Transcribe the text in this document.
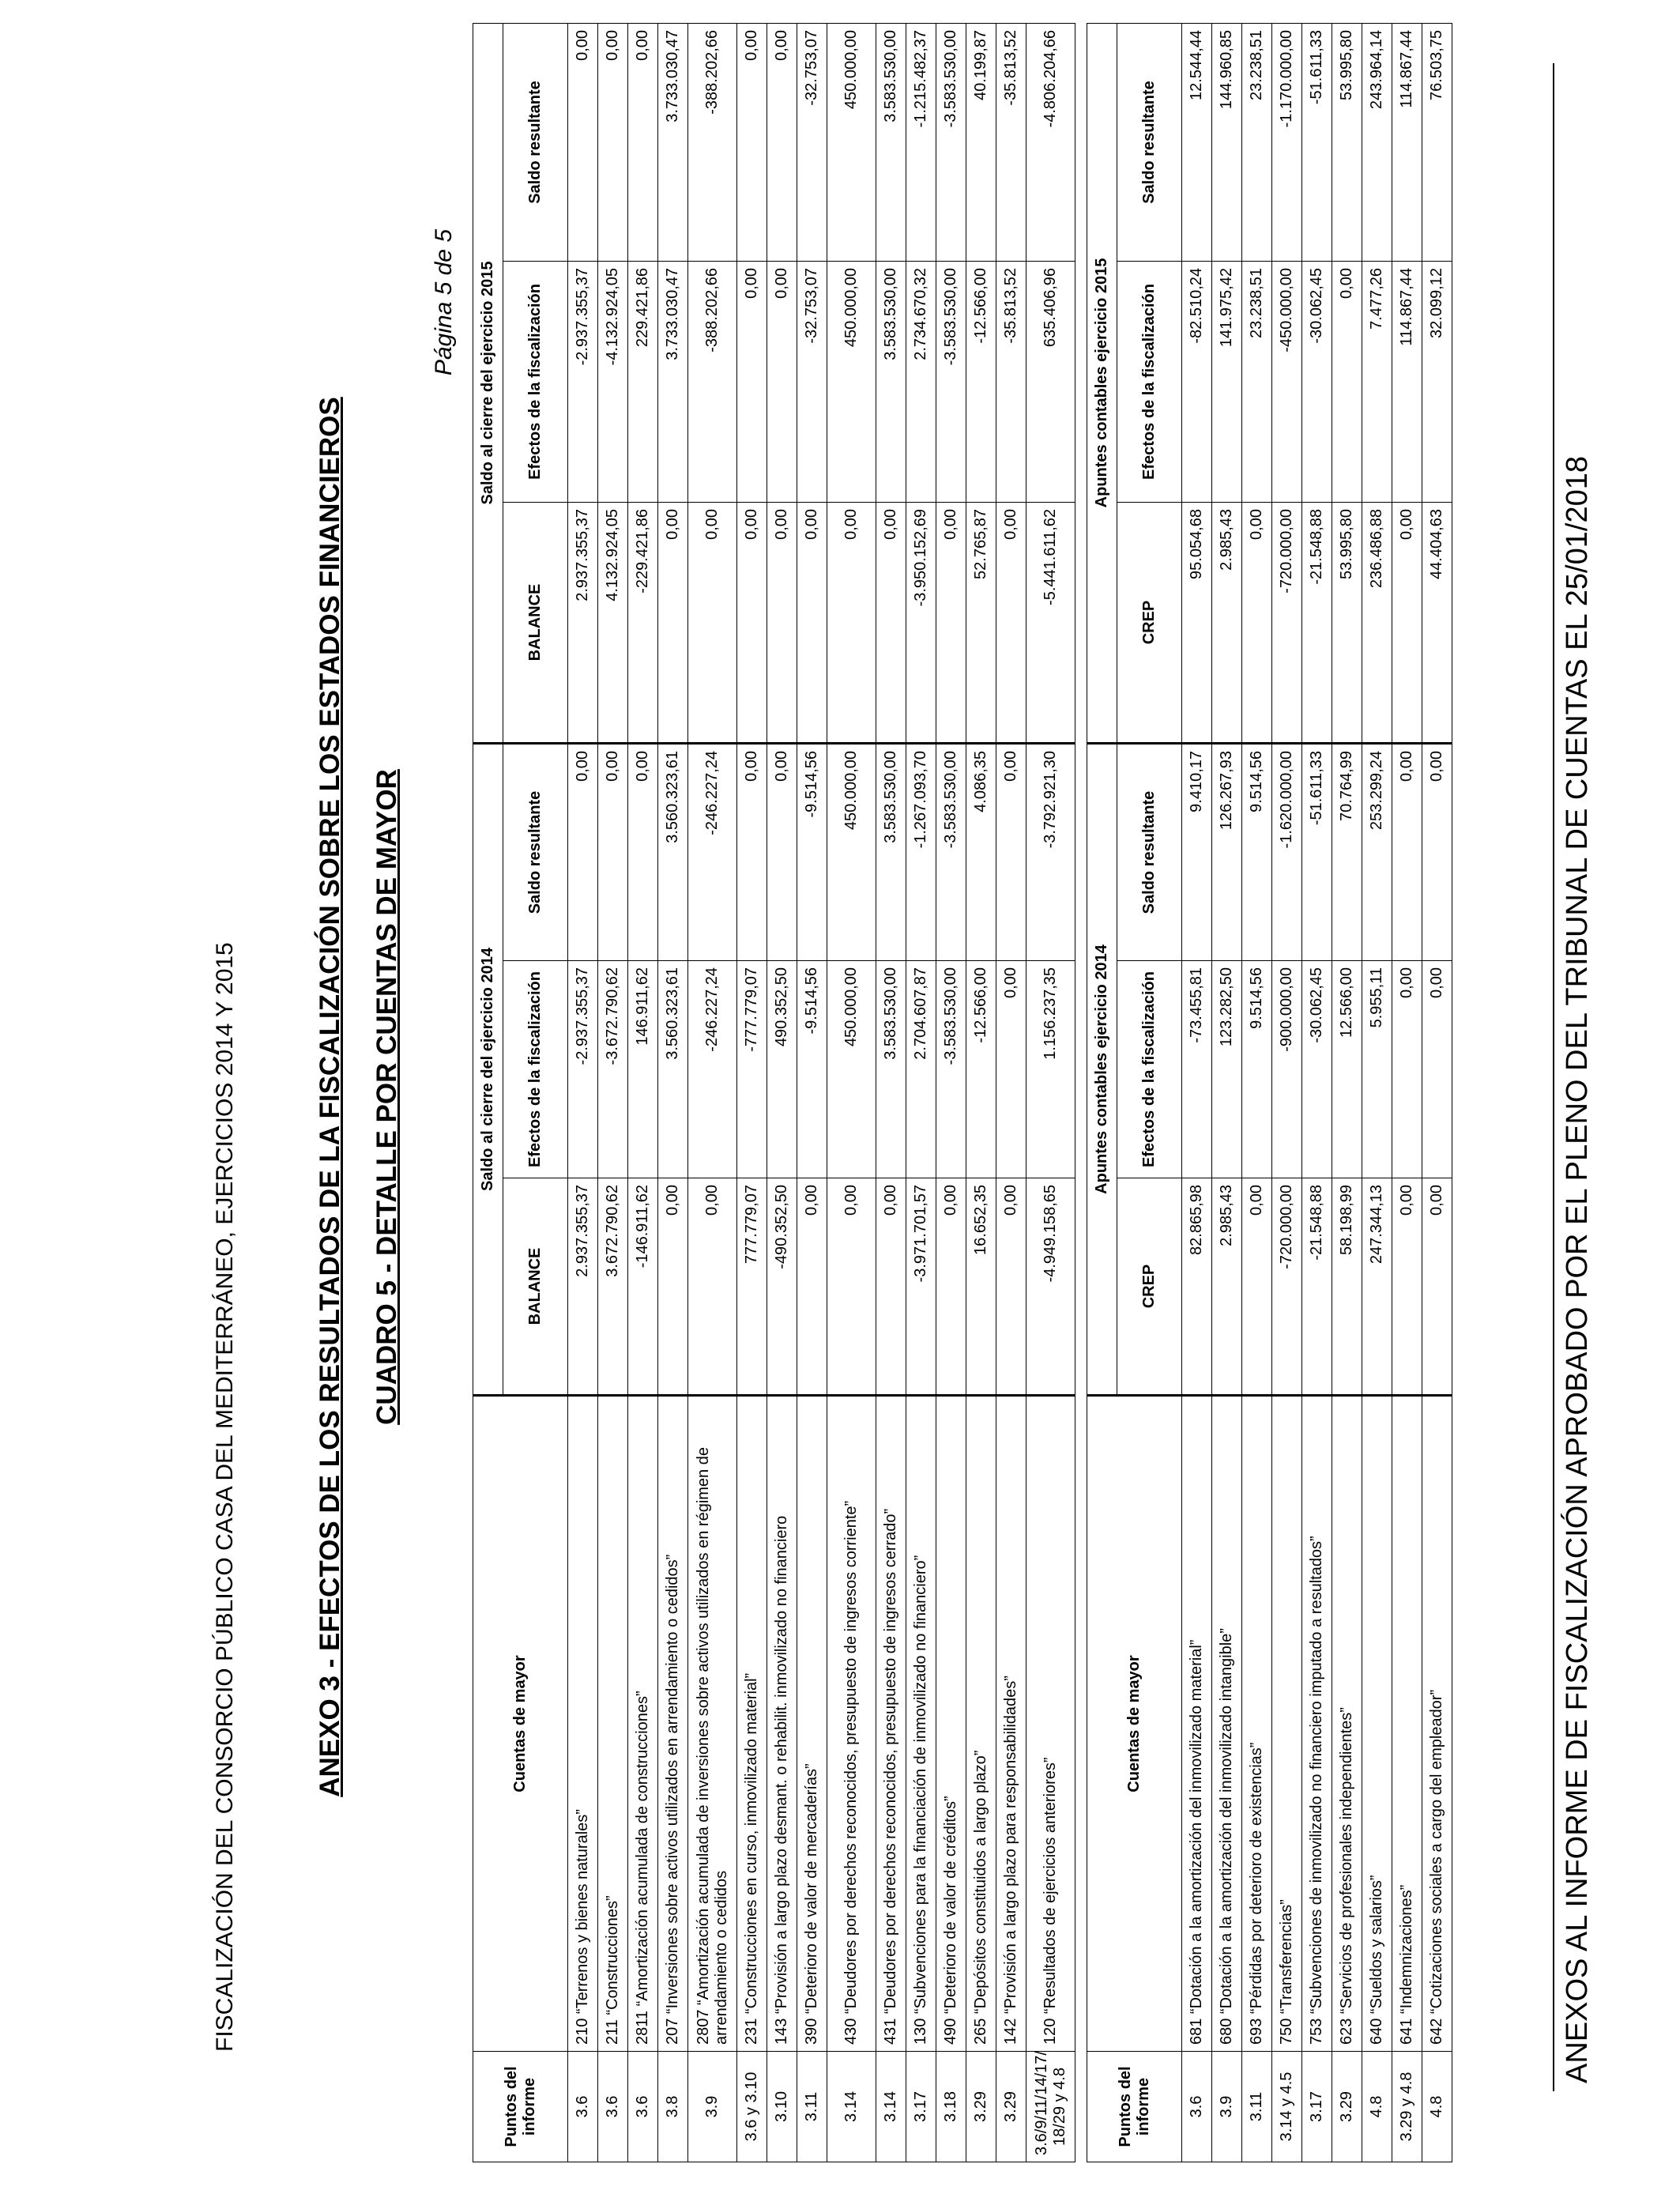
FISCALIZACIÓN DEL CONSORCIO PÚBLICO CASA DEL MEDITERRÁNEO, EJERCICIOS 2014 Y 2015	ANEXO 3 - EFECTOS DE LOS RESULTADOS DE LA FISCALIZACIÓN SOBRE LOS ESTADOS FINANCIEROS CUADRO 5 - DETALLE POR CUENTAS DE MAYOR
Página 5 de 5
Puntos del informe	Cuentas de mayor	Saldo al cierre del ejercicio 2014			Saldo al cierre del ejercicio 2015		
		BALANCE	Efectos de la fiscalización	Saldo resultante	BALANCE	Efectos de la fiscalización	Saldo resultante
3.6	210 “Terrenos y bienes naturales”	2.937.355,37	-2.937.355,37	0,00	2.937.355,37	-2.937.355,37	0,00
3.6	211 “Construcciones”	3.672.790,62	-3.672.790,62	0,00	4.132.924,05	-4.132.924,05	0,00
3.6	2811 “Amortización acumulada de construcciones”	-146.911,62	146.911,62	0,00	-229.421,86	229.421,86	0,00
3.8	207 “Inversiones sobre activos utilizados en arrendamiento o cedidos”	0,00	3.560.323,61	3.560.323,61	0,00	3.733.030,47	3.733.030,47
3.9	2807 “Amortización acumulada de inversiones sobre activos utilizados en régimen de arrendamiento o cedidos	0,00	-246.227,24	-246.227,24	0,00	-388.202,66	-388.202,66
3.6 y 3.10	231 “Construcciones en curso, inmovilizado material”	777.779,07	-777.779,07	0,00	0,00	0,00	0,00
3.10	143 “Provisión a largo plazo desmant. o rehabilit. inmovilizado no financiero	-490.352,50	490.352,50	0,00	0,00	0,00	0,00
3.11	390 “Deterioro de valor de mercaderías”	0,00	-9.514,56	-9.514,56	0,00	-32.753,07	-32.753,07
3.14	430 “Deudores por derechos reconocidos, presupuesto de ingresos corriente”	0,00	450.000,00	450.000,00	0,00	450.000,00	450.000,00
3.14	431 “Deudores por derechos reconocidos, presupuesto de ingresos cerrado”	0,00	3.583.530,00	3.583.530,00	0,00	3.583.530,00	3.583.530,00
3.17	130 “Subvenciones para la financiación de inmovilizado no financiero”	-3.971.701,57	2.704.607,87	-1.267.093,70	-3.950.152,69	2.734.670,32	-1.215.482,37
3.18	490 “Deterioro de valor de créditos”	0,00	-3.583.530,00	-3.583.530,00	0,00	-3.583.530,00	-3.583.530,00
3.29	265 “Depósitos constituidos a largo plazo”	16.652,35	-12.566,00	4.086,35	52.765,87	-12.566,00	40.199,87
3.29	142 “Provisión a largo plazo para responsabilidades”	0,00	0,00	0,00	0,00	-35.813,52	-35.813,52
3.6/9/11/14/17/ 18/29 y 4.8	120 “Resultados de ejercicios anteriores”	-4.949.158,65	1.156.237,35	-3.792.921,30	-5.441.611,62	635.406,96	-4.806.204,66
Puntos del informe	Cuentas de mayor	Apuntes contables ejercicio 2014			Apuntes contables ejercicio 2015		
		CREP	Efectos de la fiscalización	Saldo resultante	CREP	Efectos de la fiscalización	Saldo resultante
3.6	681 “Dotación a la amortización del inmovilizado material”	82.865,98	-73.455,81	9.410,17	95.054,68	-82.510,24	12.544,44
3.9	680 “Dotación a la amortización del inmovilizado intangible”	2.985,43	123.282,50	126.267,93	2.985,43	141.975,42	144.960,85
3.11	693 “Pérdidas por deterioro de existencias”	0,00	9.514,56	9.514,56	0,00	23.238,51	23.238,51
3.14 y 4.5	750 “Transferencias”	-720.000,00	-900.000,00	-1.620.000,00	-720.000,00	-450.000,00	-1.170.000,00
3.17	753 “Subvenciones de inmovilizado no financiero imputado a resultados”	-21.548,88	-30.062,45	-51.611,33	-21.548,88	-30.062,45	-51.611,33
3.29	623 “Servicios de profesionales independientes”	58.198,99	12.566,00	70.764,99	53.995,80	0,00	53.995,80
4.8	640 “Sueldos y salarios”	247.344,13	5.955,11	253.299,24	236.486,88	7.477,26	243.964,14
3.29 y 4.8	641 “Indemnizaciones”	0,00	0,00	0,00	0,00	114.867,44	114.867,44
4.8	642 “Cotizaciones sociales a cargo del empleador”	0,00	0,00	0,00	44.404,63	32.099,12	76.503,75
ANEXOS AL INFORME DE FISCALIZACIÓN APROBADO POR EL PLENO DEL TRIBUNAL DE CUENTAS EL 25/01/2018
